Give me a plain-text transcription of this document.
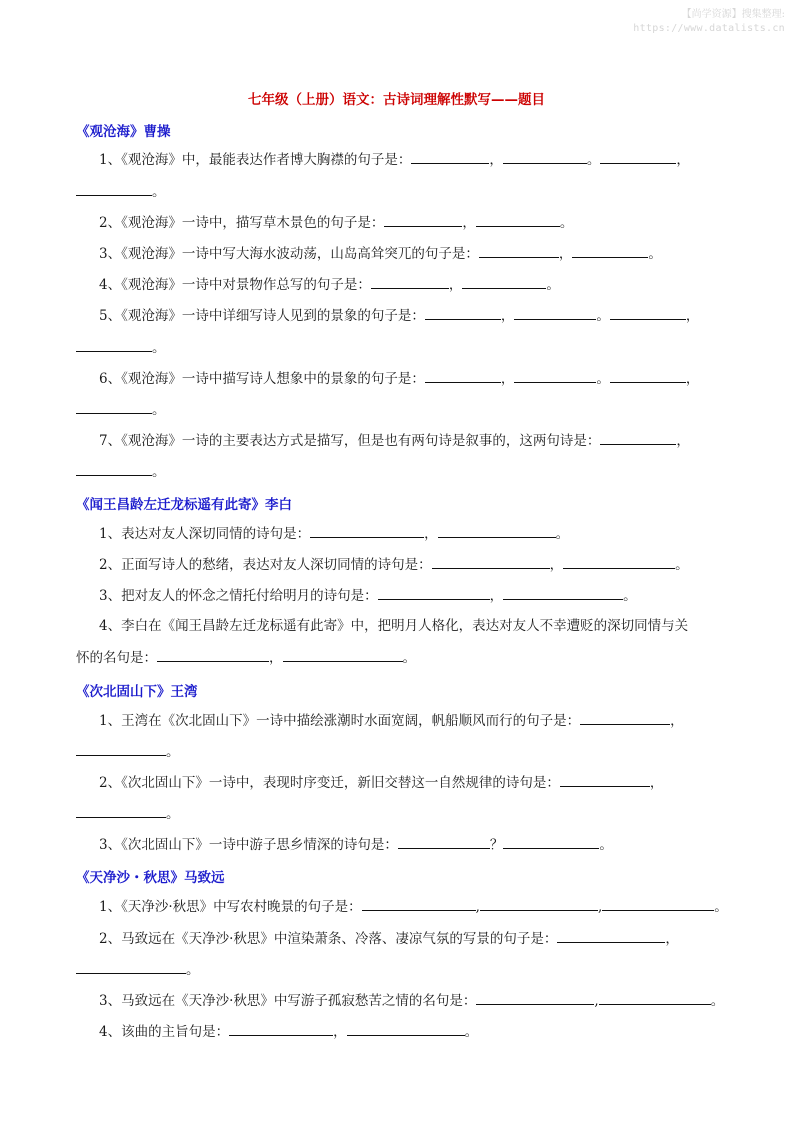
【尚学资源】搜集整理:
https://www.datalists.cn
七年级（上册）语文：古诗词理解性默写——题目
《观沧海》曹操
1、《观沧海》中，最能表达作者博大胸襟的句子是：	，	。	，
。
2、《观沧海》一诗中，描写草木景色的句子是：	，	。
3、《观沧海》一诗中写大海水波动荡，山岛高耸突兀的句子是：	，	。
4、《观沧海》一诗中对景物作总写的句子是：	，	。
5、《观沧海》一诗中详细写诗人见到的景象的句子是：	，	。	，
。
6、《观沧海》一诗中描写诗人想象中的景象的句子是：	，	。	，
。
7、《观沧海》一诗的主要表达方式是描写，但是也有两句诗是叙事的，这两句诗是：	，
。
《闻王昌龄左迁龙标遥有此寄》李白
1、表达对友人深切同情的诗句是：	，	。
2、正面写诗人的愁绪，表达对友人深切同情的诗句是：	，	。
3、把对友人的怀念之情托付给明月的诗句是：	，	。
4、李白在《闻王昌龄左迁龙标遥有此寄》中，把明月人格化，表达对友人不幸遭贬的深切同情与关
怀的名句是：	，	。
《次北固山下》王湾
1、王湾在《次北固山下》一诗中描绘涨潮时水面宽阔，帆船顺风而行的句子是：	，
。
2、《次北固山下》一诗中，表现时序变迁，新旧交替这一自然规律的诗句是：	，
。
3、《次北固山下》一诗中游子思乡情深的诗句是：	？	。
《天净沙・秋思》马致远
1、《天净沙·秋思》中写农村晚景的句子是：	,	,	。
2、马致远在《天净沙·秋思》中渲染萧条、冷落、凄凉气氛的写景的句子是：	，
。
3、马致远在《天净沙·秋思》中写游子孤寂愁苦之情的名句是：	,	。
4、该曲的主旨句是：	，	。
